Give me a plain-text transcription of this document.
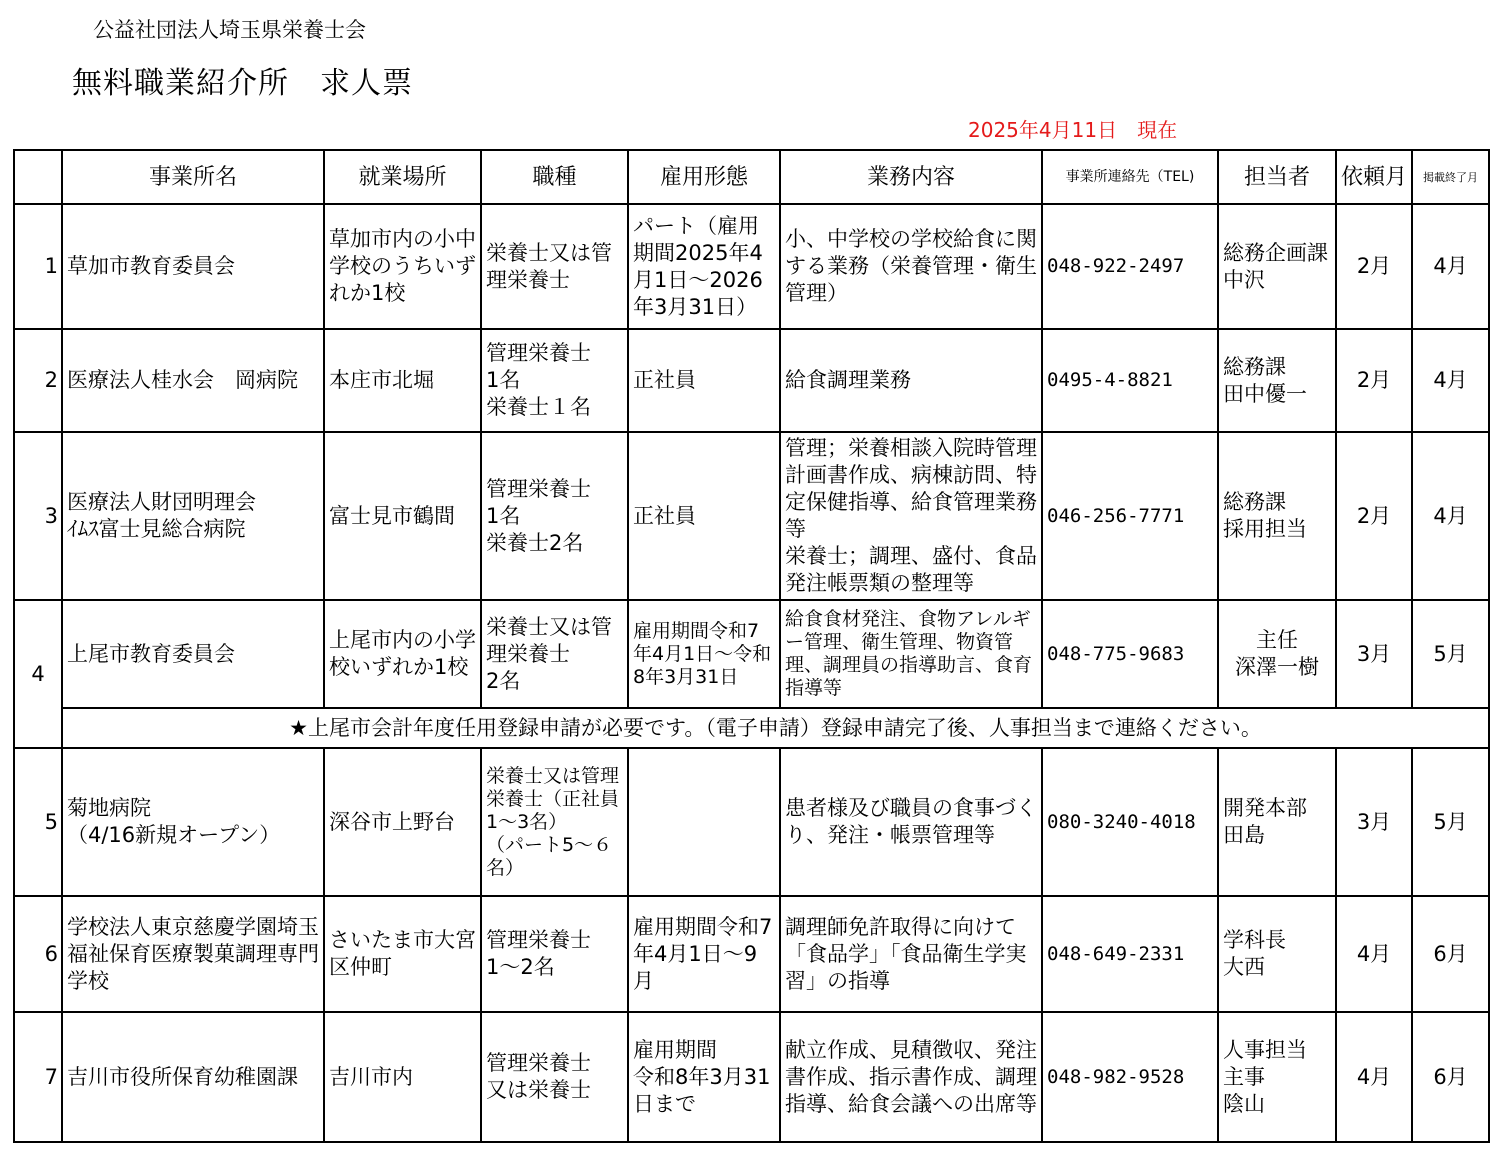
公益社団法人埼玉県栄養士会
無料職業紹介所　求人票
2025年4月11日　現在
	事業所名	就業場所	職種	雇用形態	業務内容	事業所連絡先（TEL)	担当者	依頼月	掲載終了月
1	草加市教育委員会	草加市内の小中学校のうちいずれか1校	栄養士又は管理栄養士	パート（雇用期間2025年4月1日～2026年3月31日）	小、中学校の学校給食に関する業務（栄養管理・衛生管理）	048-922-2497	総務企画課　 中沢	2月	4月
2	医療法人桂水会　岡病院	本庄市北堀	管理栄養士
1名
栄養士１名	正社員	給食調理業務	0495-4-8821	総務課
田中優一	2月	4月
3	医療法人財団明理会
ｲﾑｽ富士見総合病院	富士見市鶴間	管理栄養士
1名
栄養士2名	正社員	管理；栄養相談入院時管理計画書作成、病棟訪問、特定保健指導、給食管理業務等
栄養士；調理、盛付、食品発注帳票類の整理等	046-256-7771	総務課
採用担当	2月	4月
4	上尾市教育委員会	上尾市内の小学校いずれか1校	栄養士又は管理栄養士
2名	雇用期間令和7年4月1日～令和8年3月31日	給食食材発注、食物アレルギー管理、衛生管理、物資管理、調理員の指導助言、食育指導等	048-775-9683	主任
深澤一樹	3月	5月
	★上尾市会計年度任用登録申請が必要です。（電子申請）登録申請完了後、人事担当まで連絡ください。								
5	菊地病院
（4/16新規オープン）	深谷市上野台	栄養士又は管理栄養士（正社員1～3名）
（パート5～６名）		患者様及び職員の食事づくり、発注・帳票管理等	080-3240-4018	開発本部
田島	3月	5月
6	学校法人東京慈慶学園埼玉福祉保育医療製菓調理専門学校	さいたま市大宮区仲町	管理栄養士
1～2名	雇用期間令和7年4月1日～9月	調理師免許取得に向けて「食品学」「食品衛生学実習」の指導	048-649-2331	学科長
大西	4月	6月
7	吉川市役所保育幼稚園課	吉川市内	管理栄養士
又は栄養士	雇用期間
令和8年3月31日まで	献立作成、見積徴収、発注書作成、指示書作成、調理指導、給食会議への出席等	048-982-9528	人事担当
主事
陰山	4月	6月
